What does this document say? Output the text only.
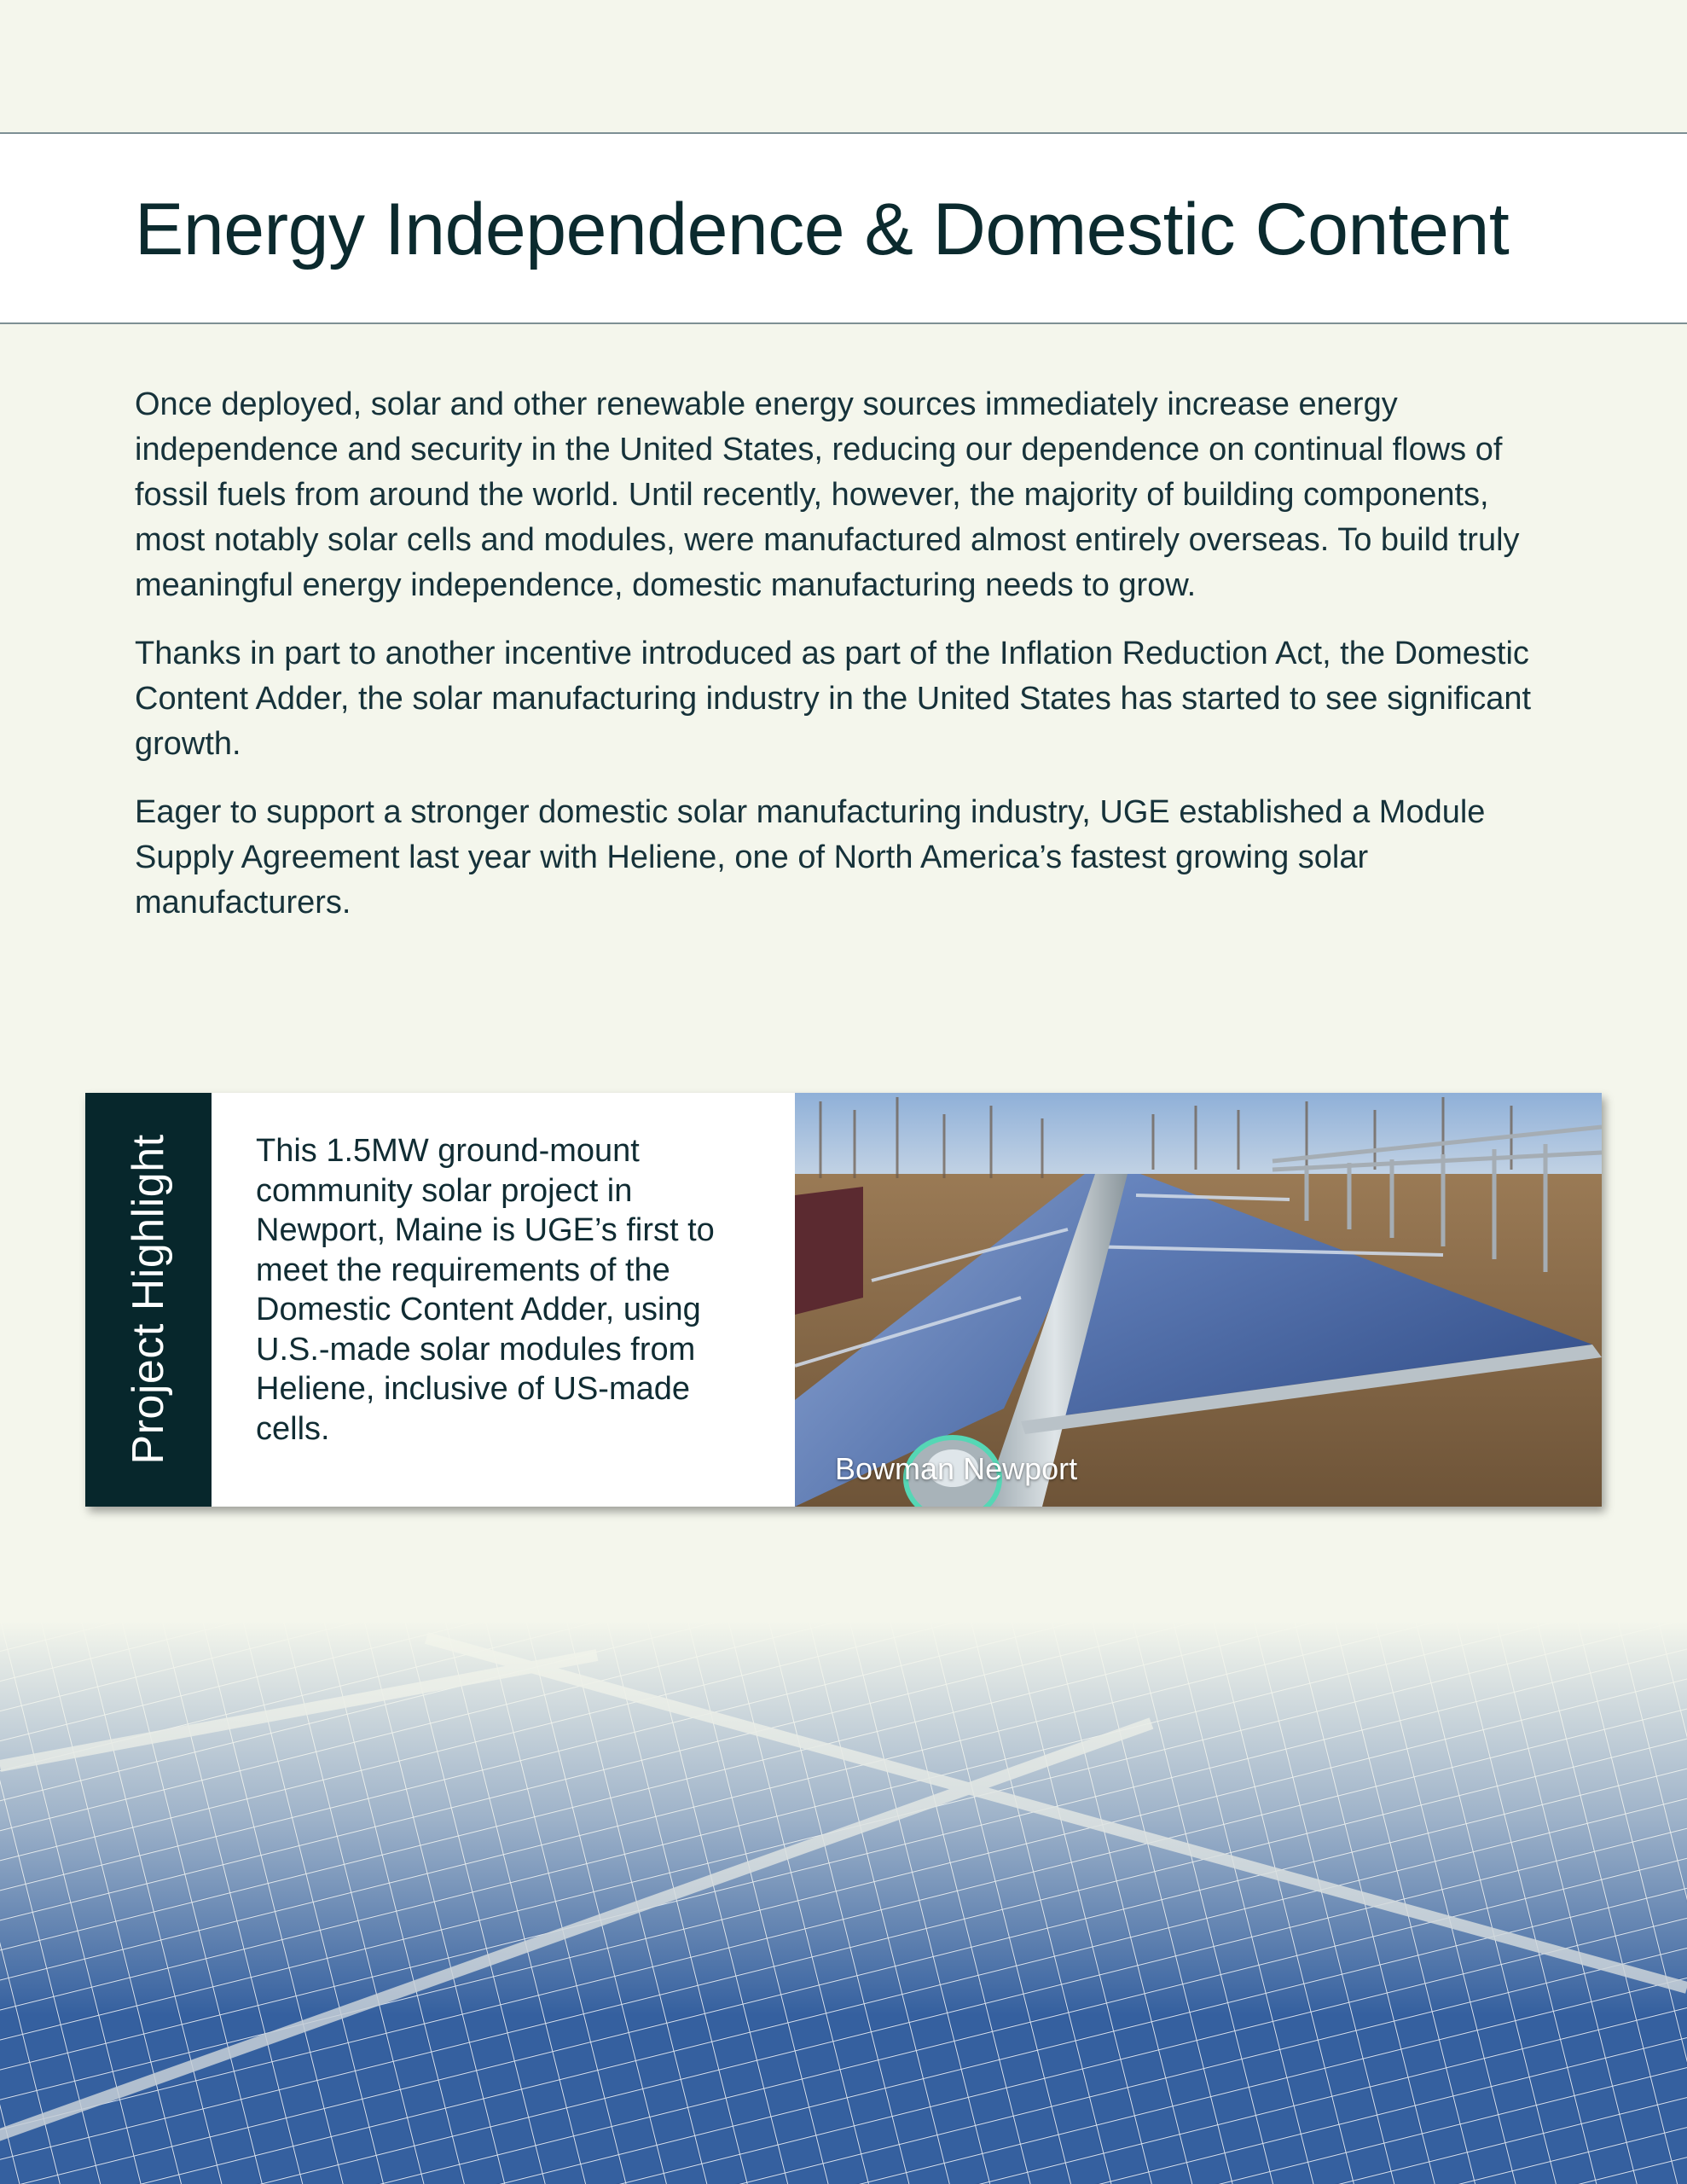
Energy Independence & Domestic Content

Once deployed, solar and other renewable energy sources immediately increase energy independence and security in the United States, reducing our dependence on continual flows of fossil fuels from around the world. Until recently, however, the majority of building components, most notably solar cells and modules, were manufactured almost entirely overseas. To build truly meaningful energy independence, domestic manufacturing needs to grow.

Thanks in part to another incentive introduced as part of the Inflation Reduction Act, the Domestic Content Adder, the solar manufacturing industry in the United States has started to see significant growth.

Eager to support a stronger domestic solar manufacturing industry, UGE established a Module Supply Agreement last year with Heliene, one of North America’s fastest growing solar manufacturers.

Project Highlight	This 1.5MW ground-mount community solar project in Newport, Maine is UGE’s first to meet the requirements of the Domestic Content Adder, using U.S.-made solar modules from Heliene, inclusive of US-made cells.

Bowman Newport
